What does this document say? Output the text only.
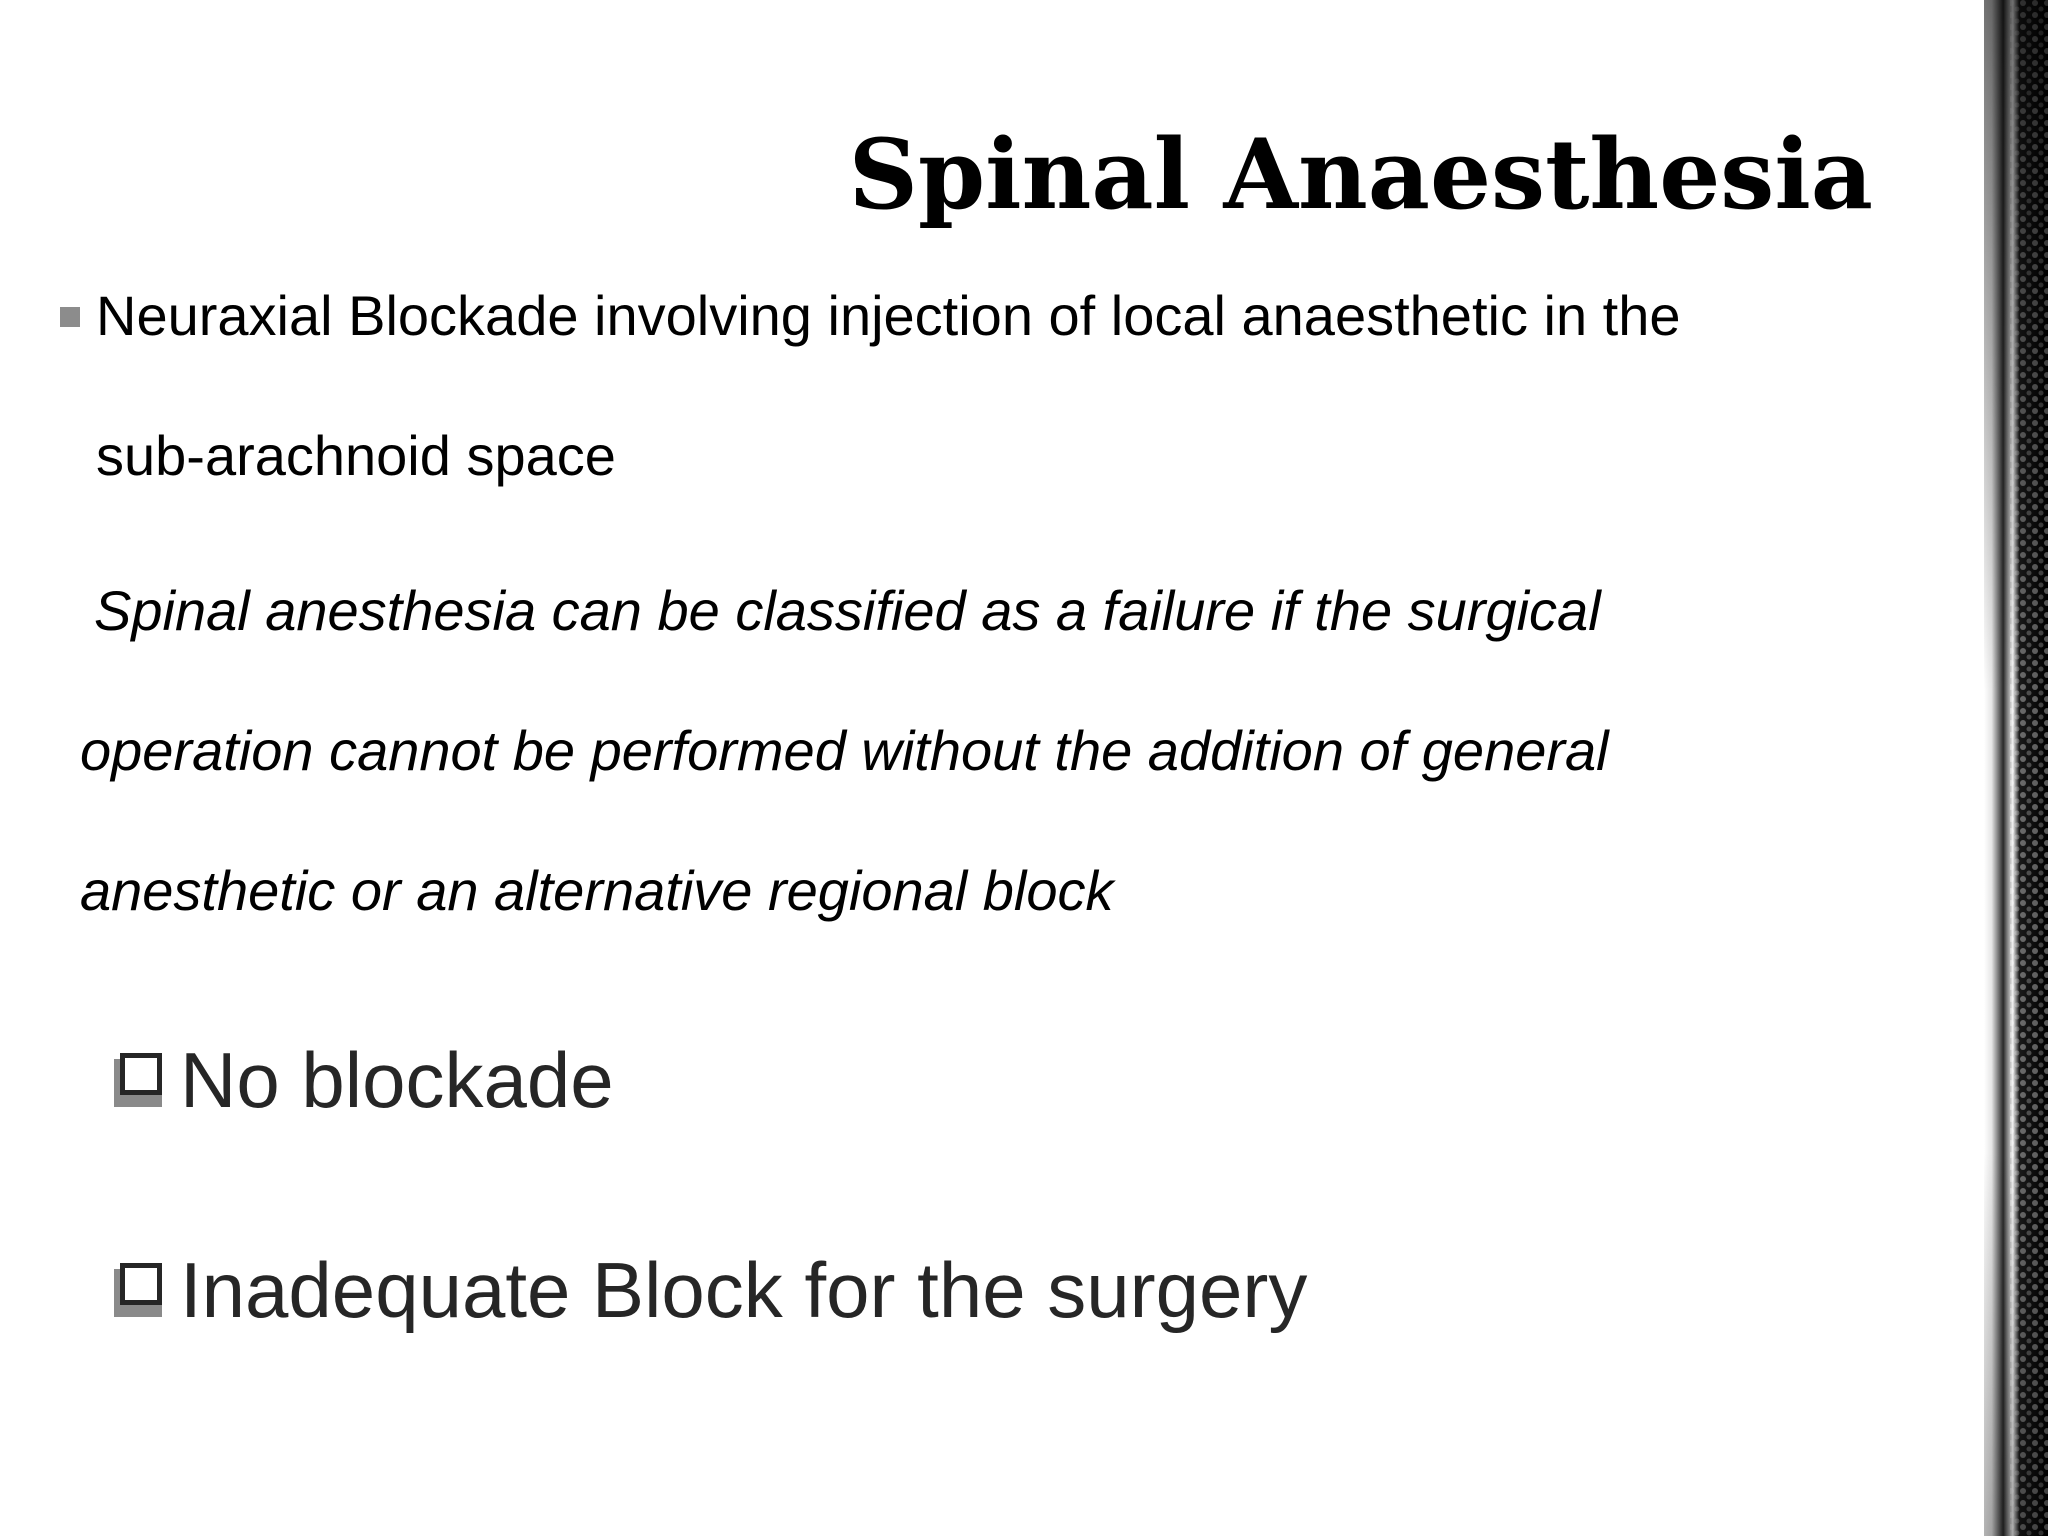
Spinal Anaesthesia

Neuraxial Blockade involving injection of local anaesthetic in the

sub-arachnoid space

Spinal anesthesia can be classified as a failure if the surgical

operation cannot be performed without the addition of general

anesthetic or an alternative regional block

No blockade
Inadequate Block for the surgery
